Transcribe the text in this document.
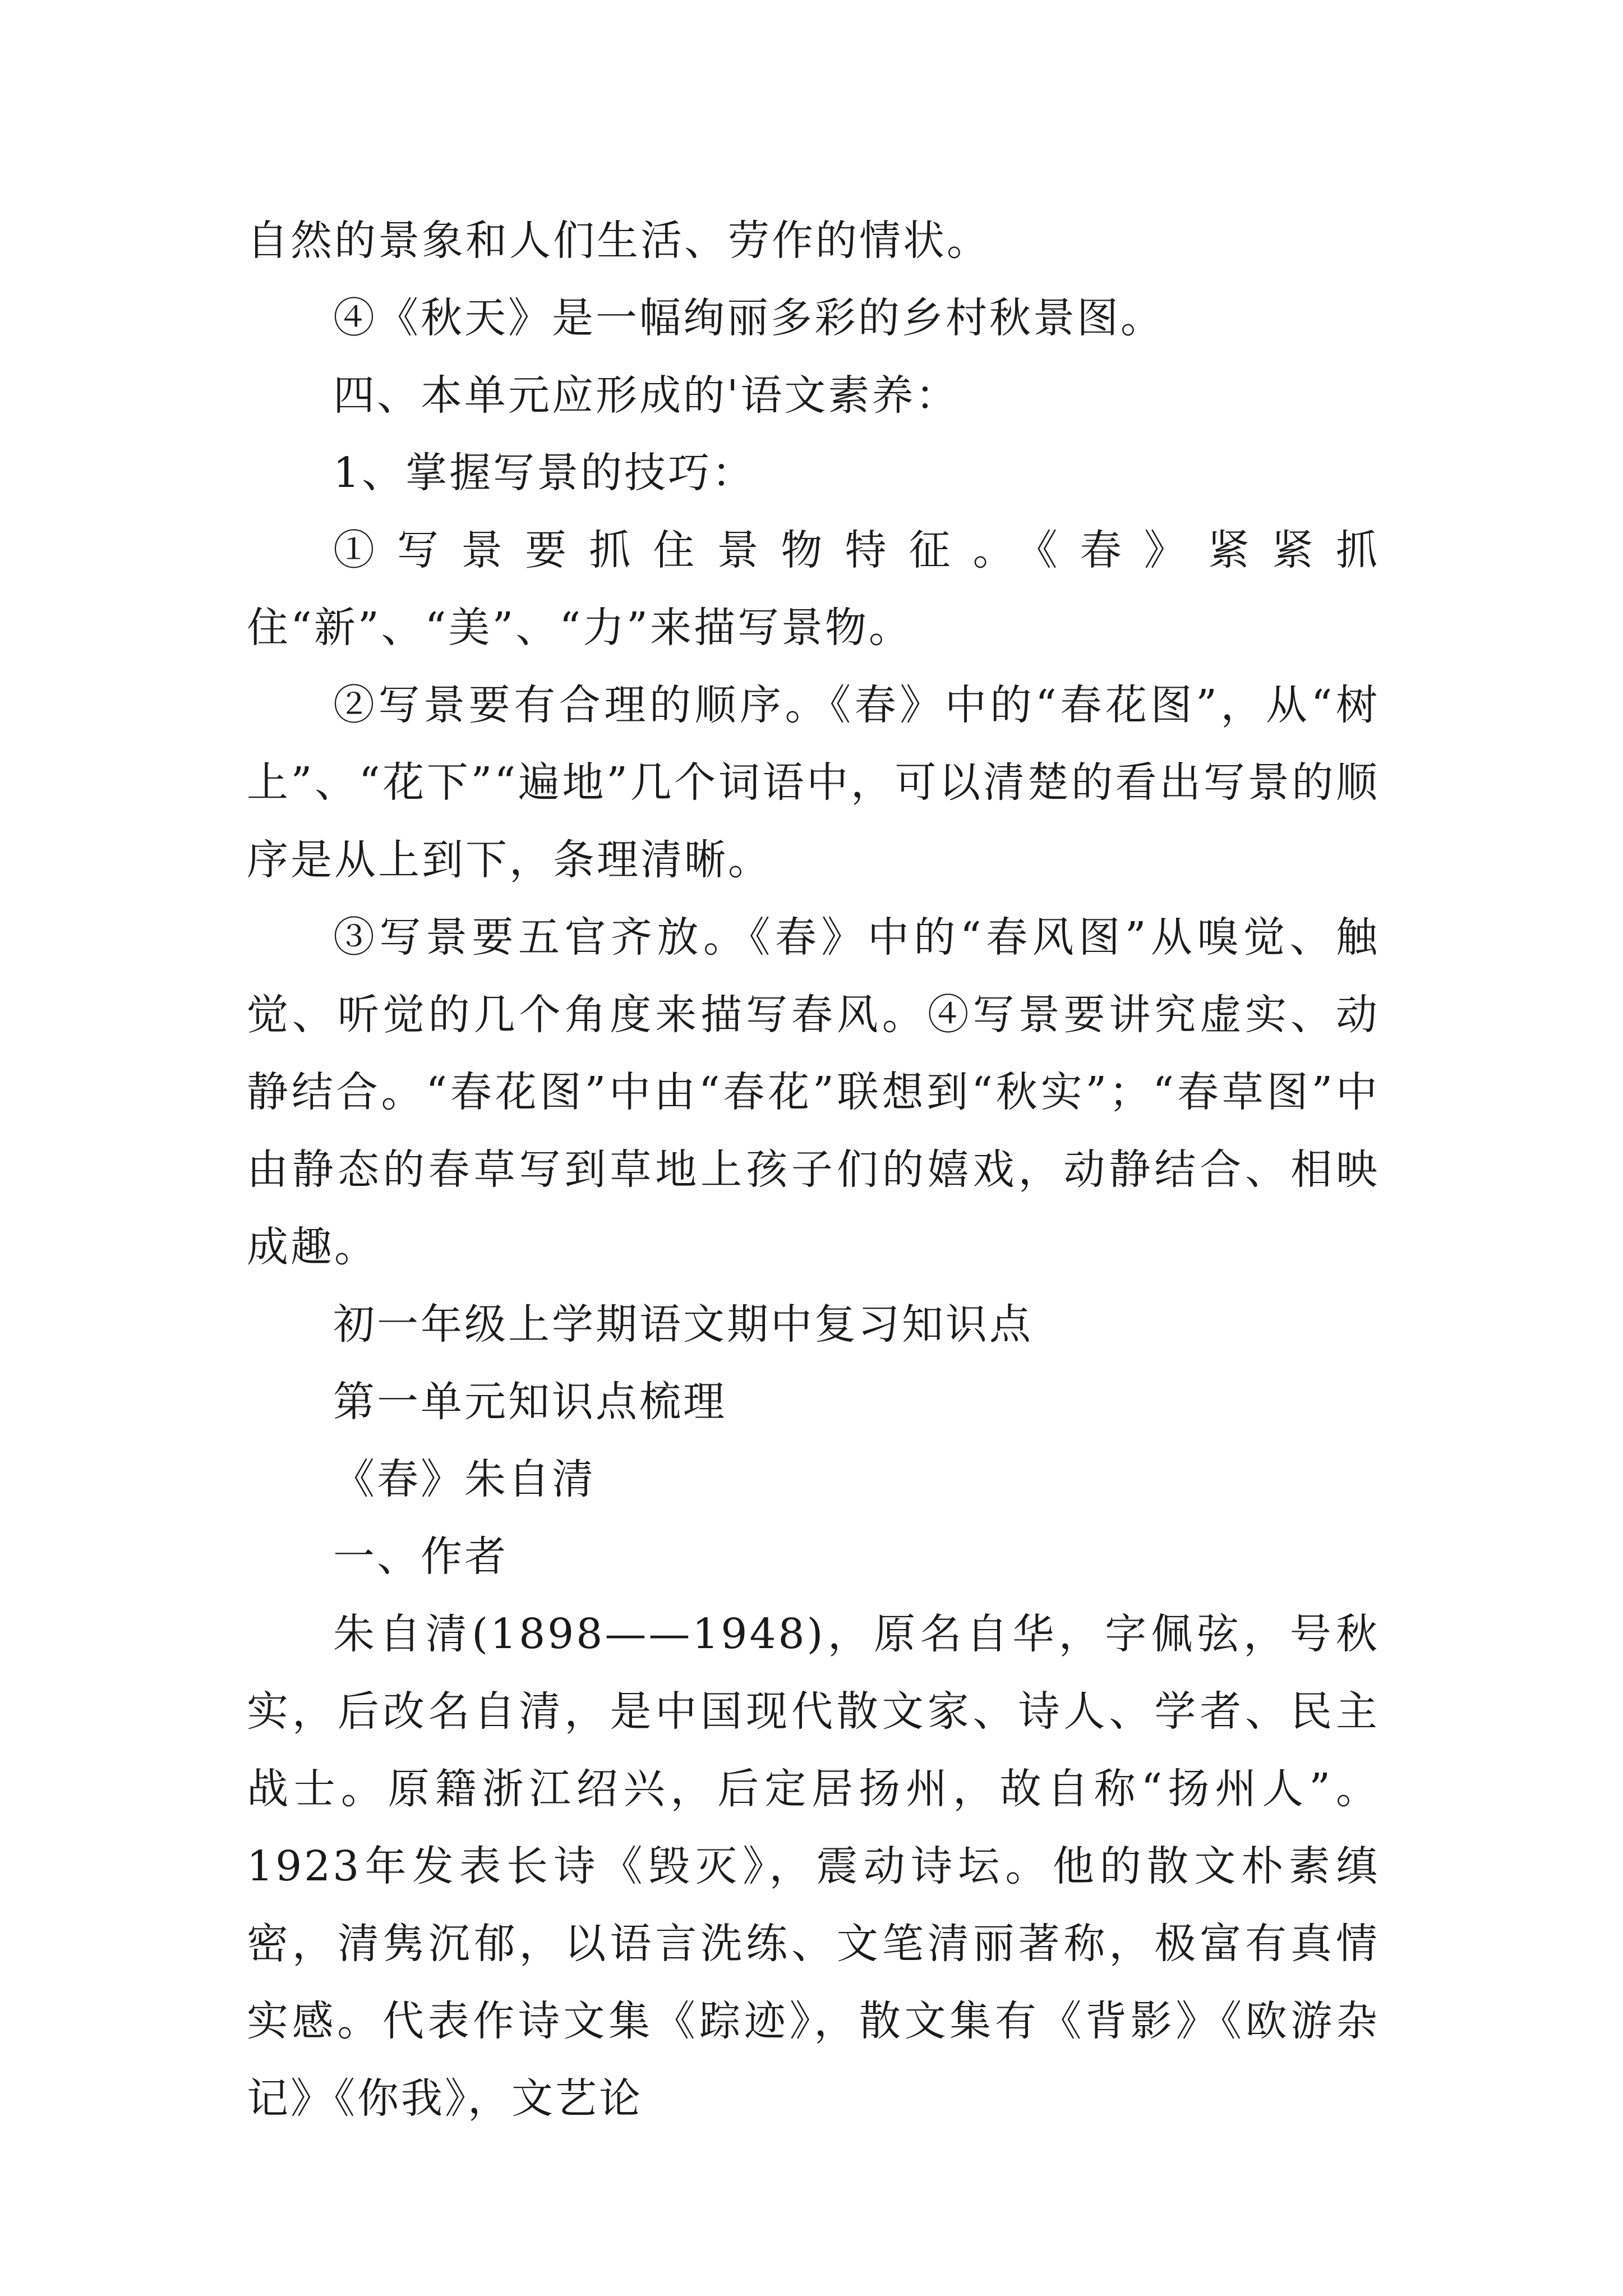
自然的景象和人们生活、劳作的情状。

④《秋天》是一幅绚丽多彩的乡村秋景图。

四、本单元应形成的'语文素养：

1、掌握写景的技巧：

①写景要抓住景物特征。《春》紧紧抓住“新”、“美”、“力”来描写景物。

②写景要有合理的顺序。《春》中的“春花图”，从“树上”、“花下”“遍地”几个词语中，可以清楚的看出写景的顺序是从上到下，条理清晰。

③写景要五官齐放。《春》中的“春风图”从嗅觉、触觉、听觉的几个角度来描写春风。④写景要讲究虚实、动静结合。“春花图”中由“春花”联想到“秋实”；“春草图”中由静态的春草写到草地上孩子们的嬉戏，动静结合、相映成趣。

初一年级上学期语文期中复习知识点

第一单元知识点梳理

《春》朱自清

一、作者

朱自清(1898——1948)，原名自华，字佩弦，号秋实，后改名自清，是中国现代散文家、诗人、学者、民主战士。原籍浙江绍兴，后定居扬州，故自称“扬州人”。1923年发表长诗《毁灭》，震动诗坛。他的散文朴素缜密，清隽沉郁，以语言洗练、文笔清丽著称，极富有真情实感。代表作诗文集《踪迹》，散文集有《背影》《欧游杂记》《你我》，文艺论
